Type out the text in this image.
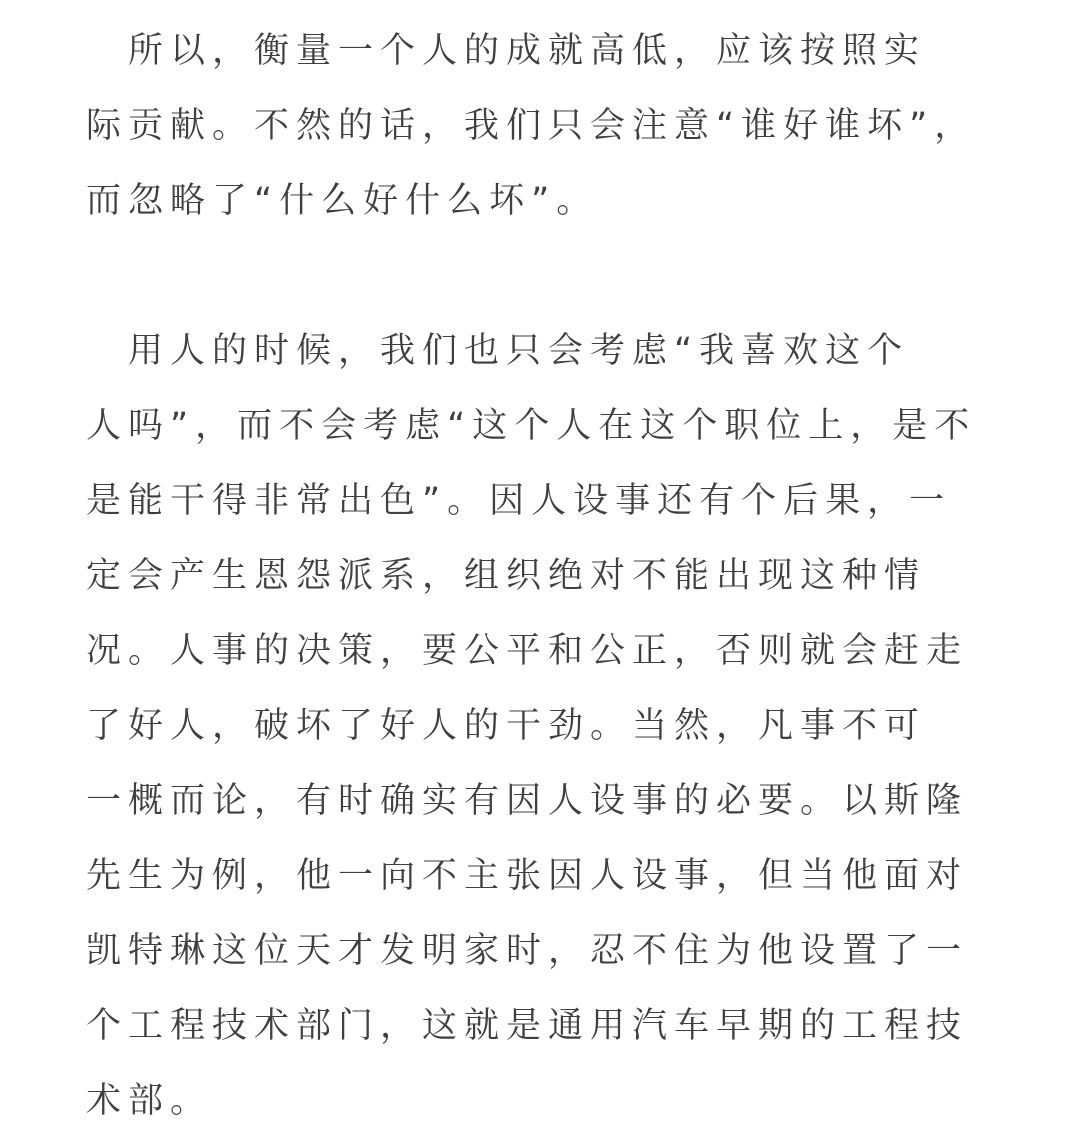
　所以，衡量一个人的成就高低，应该按照实
际贡献。不然的话，我们只会注意“谁好谁坏”，
而忽略了“什么好什么坏”。
　用人的时候，我们也只会考虑“我喜欢这个
人吗”，而不会考虑“这个人在这个职位上，是不
是能干得非常出色”。因人设事还有个后果，一
定会产生恩怨派系，组织绝对不能出现这种情
况。人事的决策，要公平和公正，否则就会赶走
了好人，破坏了好人的干劲。当然，凡事不可
一概而论，有时确实有因人设事的必要。以斯隆
先生为例，他一向不主张因人设事，但当他面对
凯特琳这位天才发明家时，忍不住为他设置了一
个工程技术部门，这就是通用汽车早期的工程技
术部。
